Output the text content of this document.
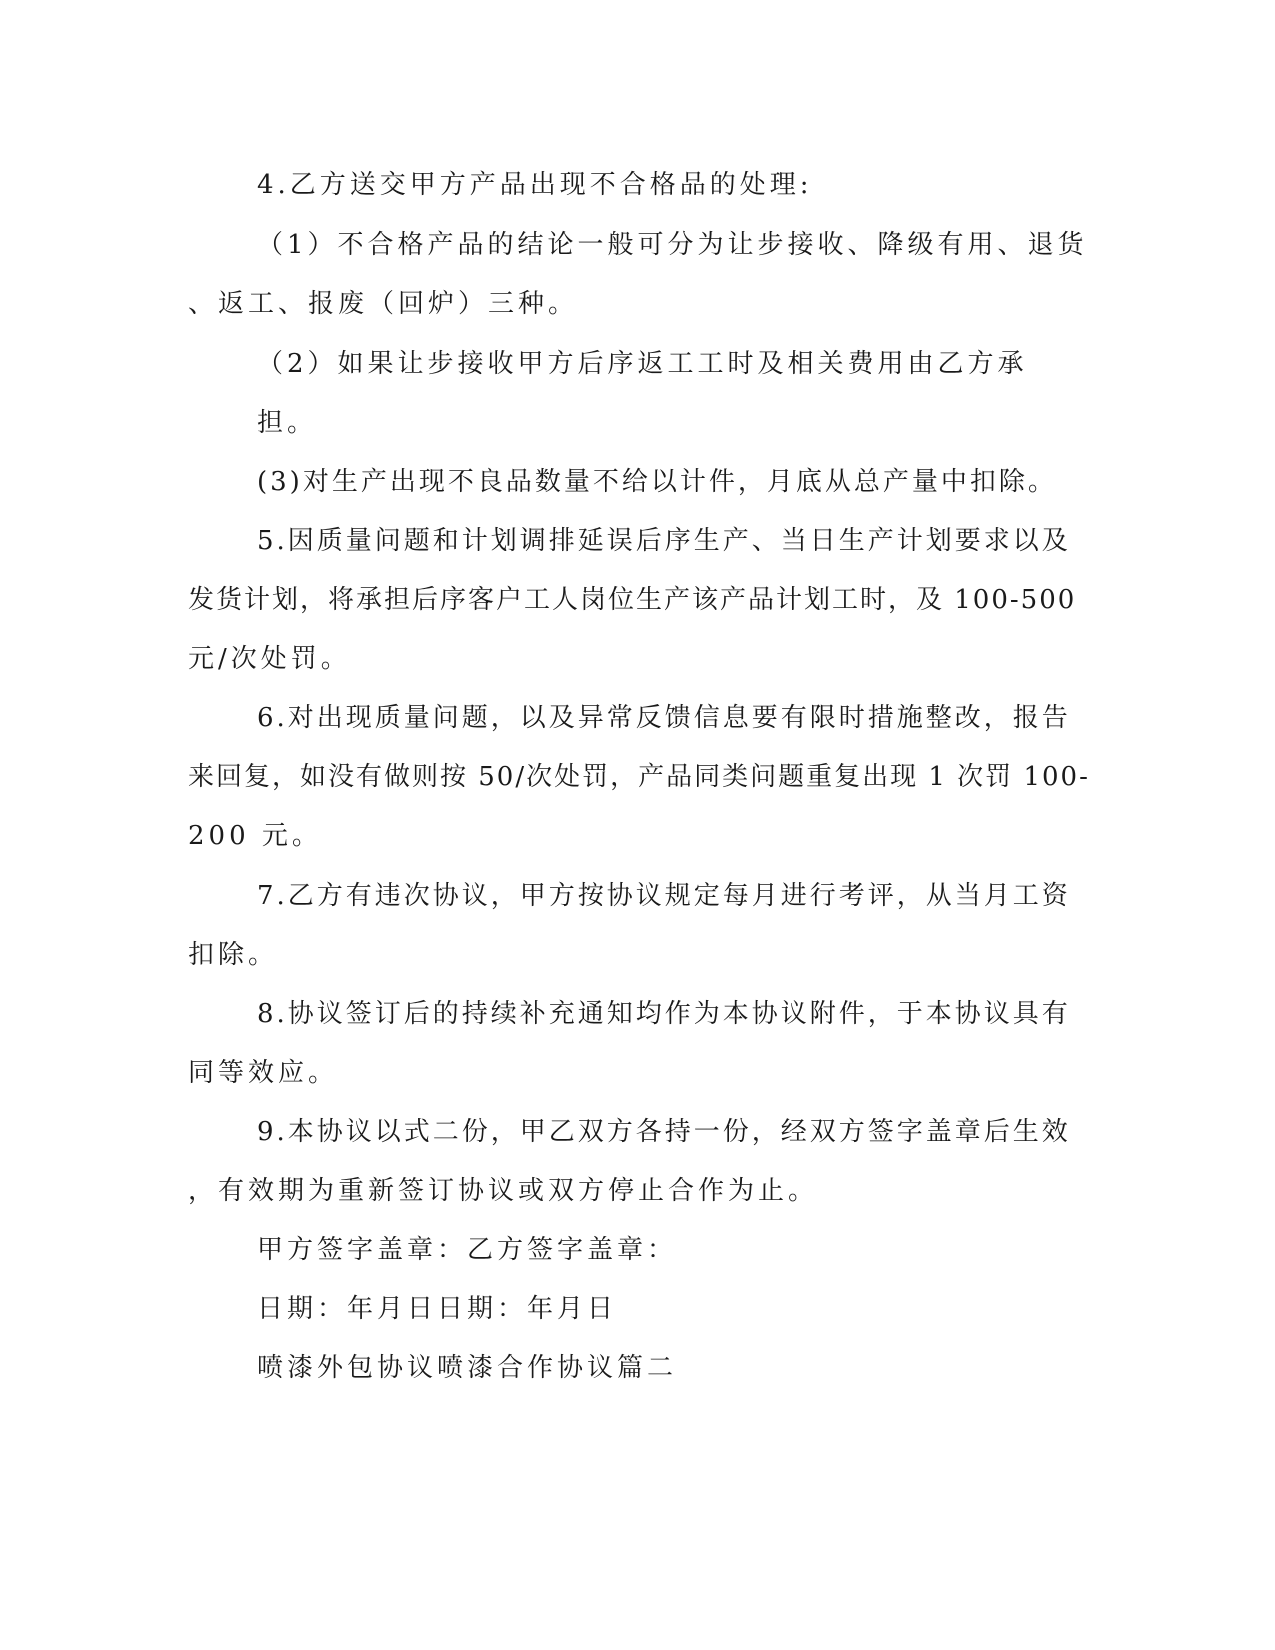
4.乙方送交甲方产品出现不合格品的处理:
（1）不合格产品的结论一般可分为让步接收、降级有用、退货
、返工、报废（回炉）三种。
（2）如果让步接收甲方后序返工工时及相关费用由乙方承
担。
(3)对生产出现不良品数量不给以计件，月底从总产量中扣除。
5.因质量问题和计划调排延误后序生产、当日生产计划要求以及
发货计划，将承担后序客户工人岗位生产该产品计划工时，及 100-500
元/次处罚。
6.对出现质量问题，以及异常反馈信息要有限时措施整改，报告
来回复，如没有做则按 50/次处罚，产品同类问题重复出现 1 次罚 100-
200 元。
7.乙方有违次协议，甲方按协议规定每月进行考评，从当月工资
扣除。
8.协议签订后的持续补充通知均作为本协议附件，于本协议具有
同等效应。
9.本协议以式二份，甲乙双方各持一份，经双方签字盖章后生效
，有效期为重新签订协议或双方停止合作为止。
甲方签字盖章：乙方签字盖章：
日期：年月日日期：年月日
喷漆外包协议喷漆合作协议篇二
